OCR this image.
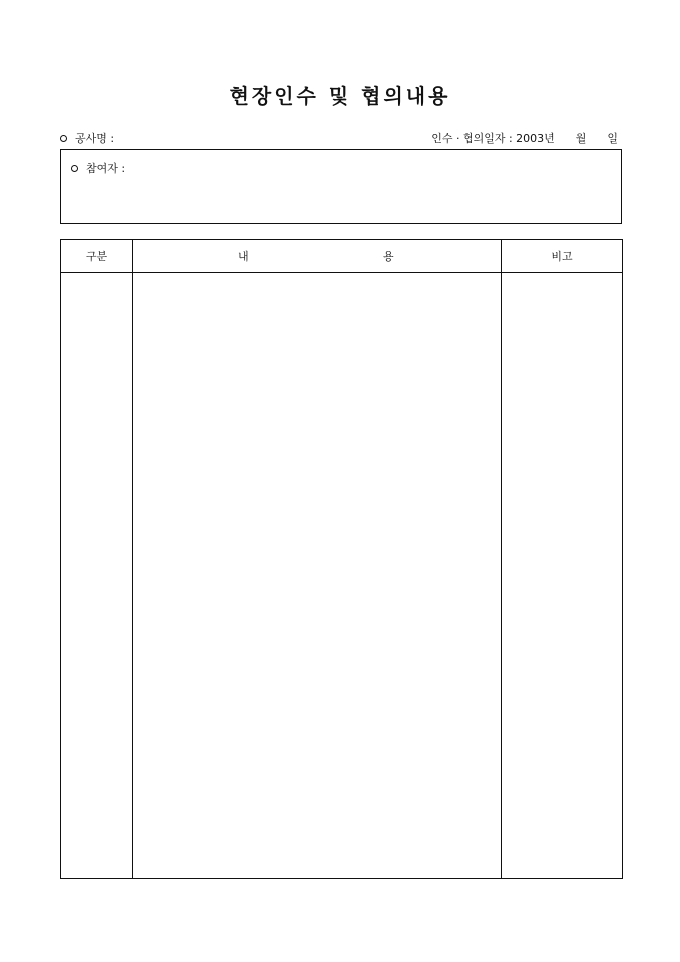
현장인수 및 협의내용
공사명 :	인수 · 협의일자 : 2003년      월      일
참여자 :
구분	내 용	비고
